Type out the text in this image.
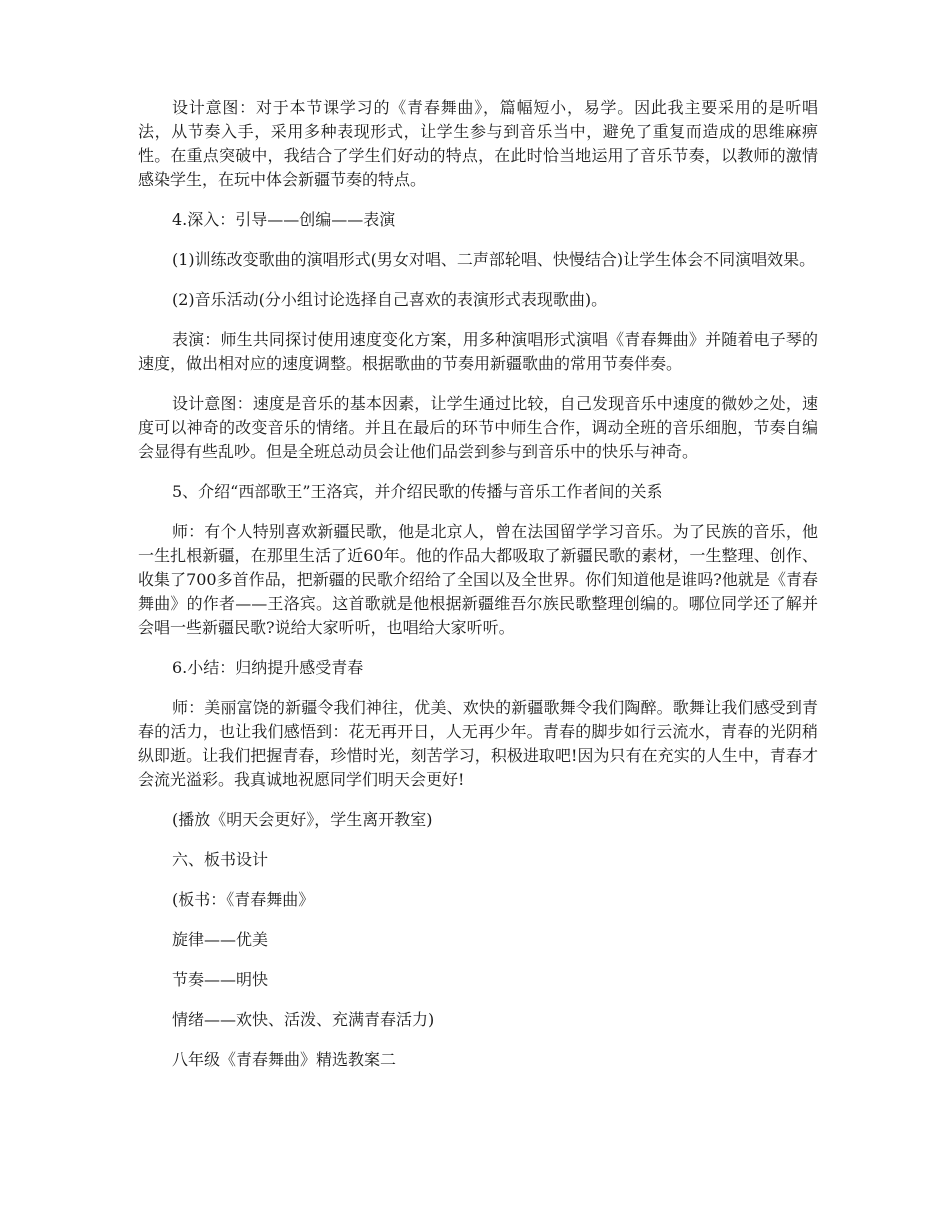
设计意图：对于本节课学习的《青春舞曲》，篇幅短小，易学。因此我主要采用的是听唱法，从节奏入手，采用多种表现形式，让学生参与到音乐当中，避免了重复而造成的思维麻痹性。在重点突破中，我结合了学生们好动的特点，在此时恰当地运用了音乐节奏，以教师的激情感染学生，在玩中体会新疆节奏的特点。

4.深入：引导——创编——表演

(1)训练改变歌曲的演唱形式(男女对唱、二声部轮唱、快慢结合)让学生体会不同演唱效果。

(2)音乐活动(分小组讨论选择自己喜欢的表演形式表现歌曲)。

表演：师生共同探讨使用速度变化方案，用多种演唱形式演唱《青春舞曲》并随着电子琴的速度，做出相对应的速度调整。根据歌曲的节奏用新疆歌曲的常用节奏伴奏。

设计意图：速度是音乐的基本因素，让学生通过比较，自己发现音乐中速度的微妙之处，速度可以神奇的改变音乐的情绪。并且在最后的环节中师生合作，调动全班的音乐细胞，节奏自编会显得有些乱吵。但是全班总动员会让他们品尝到参与到音乐中的快乐与神奇。

5、介绍“西部歌王”王洛宾，并介绍民歌的传播与音乐工作者间的关系

师：有个人特别喜欢新疆民歌，他是北京人，曾在法国留学学习音乐。为了民族的音乐，他一生扎根新疆，在那里生活了近60年。他的作品大都吸取了新疆民歌的素材，一生整理、创作、收集了700多首作品，把新疆的民歌介绍给了全国以及全世界。你们知道他是谁吗?他就是《青春舞曲》的作者——王洛宾。这首歌就是他根据新疆维吾尔族民歌整理创编的。哪位同学还了解并会唱一些新疆民歌?说给大家听听，也唱给大家听听。

6.小结：归纳提升感受青春

师：美丽富饶的新疆令我们神往，优美、欢快的新疆歌舞令我们陶醉。歌舞让我们感受到青春的活力，也让我们感悟到：花无再开日，人无再少年。青春的脚步如行云流水，青春的光阴稍纵即逝。让我们把握青春，珍惜时光，刻苦学习，积极进取吧!因为只有在充实的人生中，青春才会流光溢彩。我真诚地祝愿同学们明天会更好!

(播放《明天会更好》，学生离开教室)

六、板书设计

(板书：《青春舞曲》

旋律——优美

节奏——明快

情绪——欢快、活泼、充满青春活力)

八年级《青春舞曲》精选教案二
